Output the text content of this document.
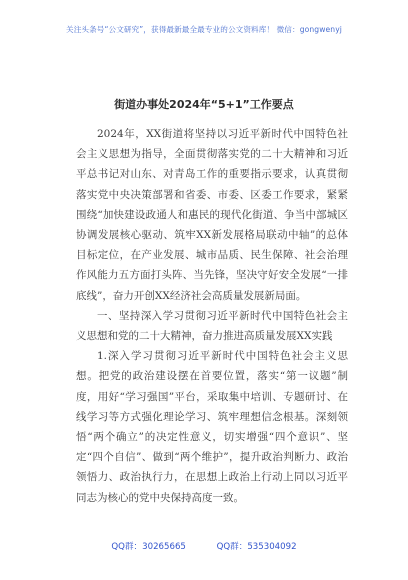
关注头条号“公文研究”，获得最新最全最专业的公文资料库！ 微信：gongwenyj
街道办事处2024年“5+1”工作要点

2024年，XX街道将坚持以习近平新时代中国特色社会主义思想为指导，全面贯彻落实党的二十大精神和习近平总书记对山东、对青岛工作的重要指示要求，认真贯彻落实党中央决策部署和省委、市委、区委工作要求，紧紧围绕“加快建设政通人和惠民的现代化街道、争当中部城区协调发展核心驱动、筑牢XX新发展格局联动中轴”的总体目标定位，在产业发展、城市品质、民生保障、社会治理作风能力五方面打头阵、当先锋，坚决守好安全发展“一排底线”，奋力开创XX经济社会高质量发展新局面。

一、坚持深入学习贯彻习近平新时代中国特色社会主义思想和党的二十大精神，奋力推进高质量发展XX实践

1.深入学习贯彻习近平新时代中国特色社会主义思想。把党的政治建设摆在首要位置，落实“第一议题”制度，用好“学习强国”平台，采取集中培训、专题研讨、在线学习等方式强化理论学习、筑牢理想信念根基。深刻领悟“两个确立”的决定性意义，切实增强“四个意识”、坚定“四个自信”、做到“两个维护”，提升政治判断力、政治领悟力、政治执行力，在思想上政治上行动上同以习近平同志为核心的党中央保持高度一致。

QQ群：30265665	QQ群：535304092
